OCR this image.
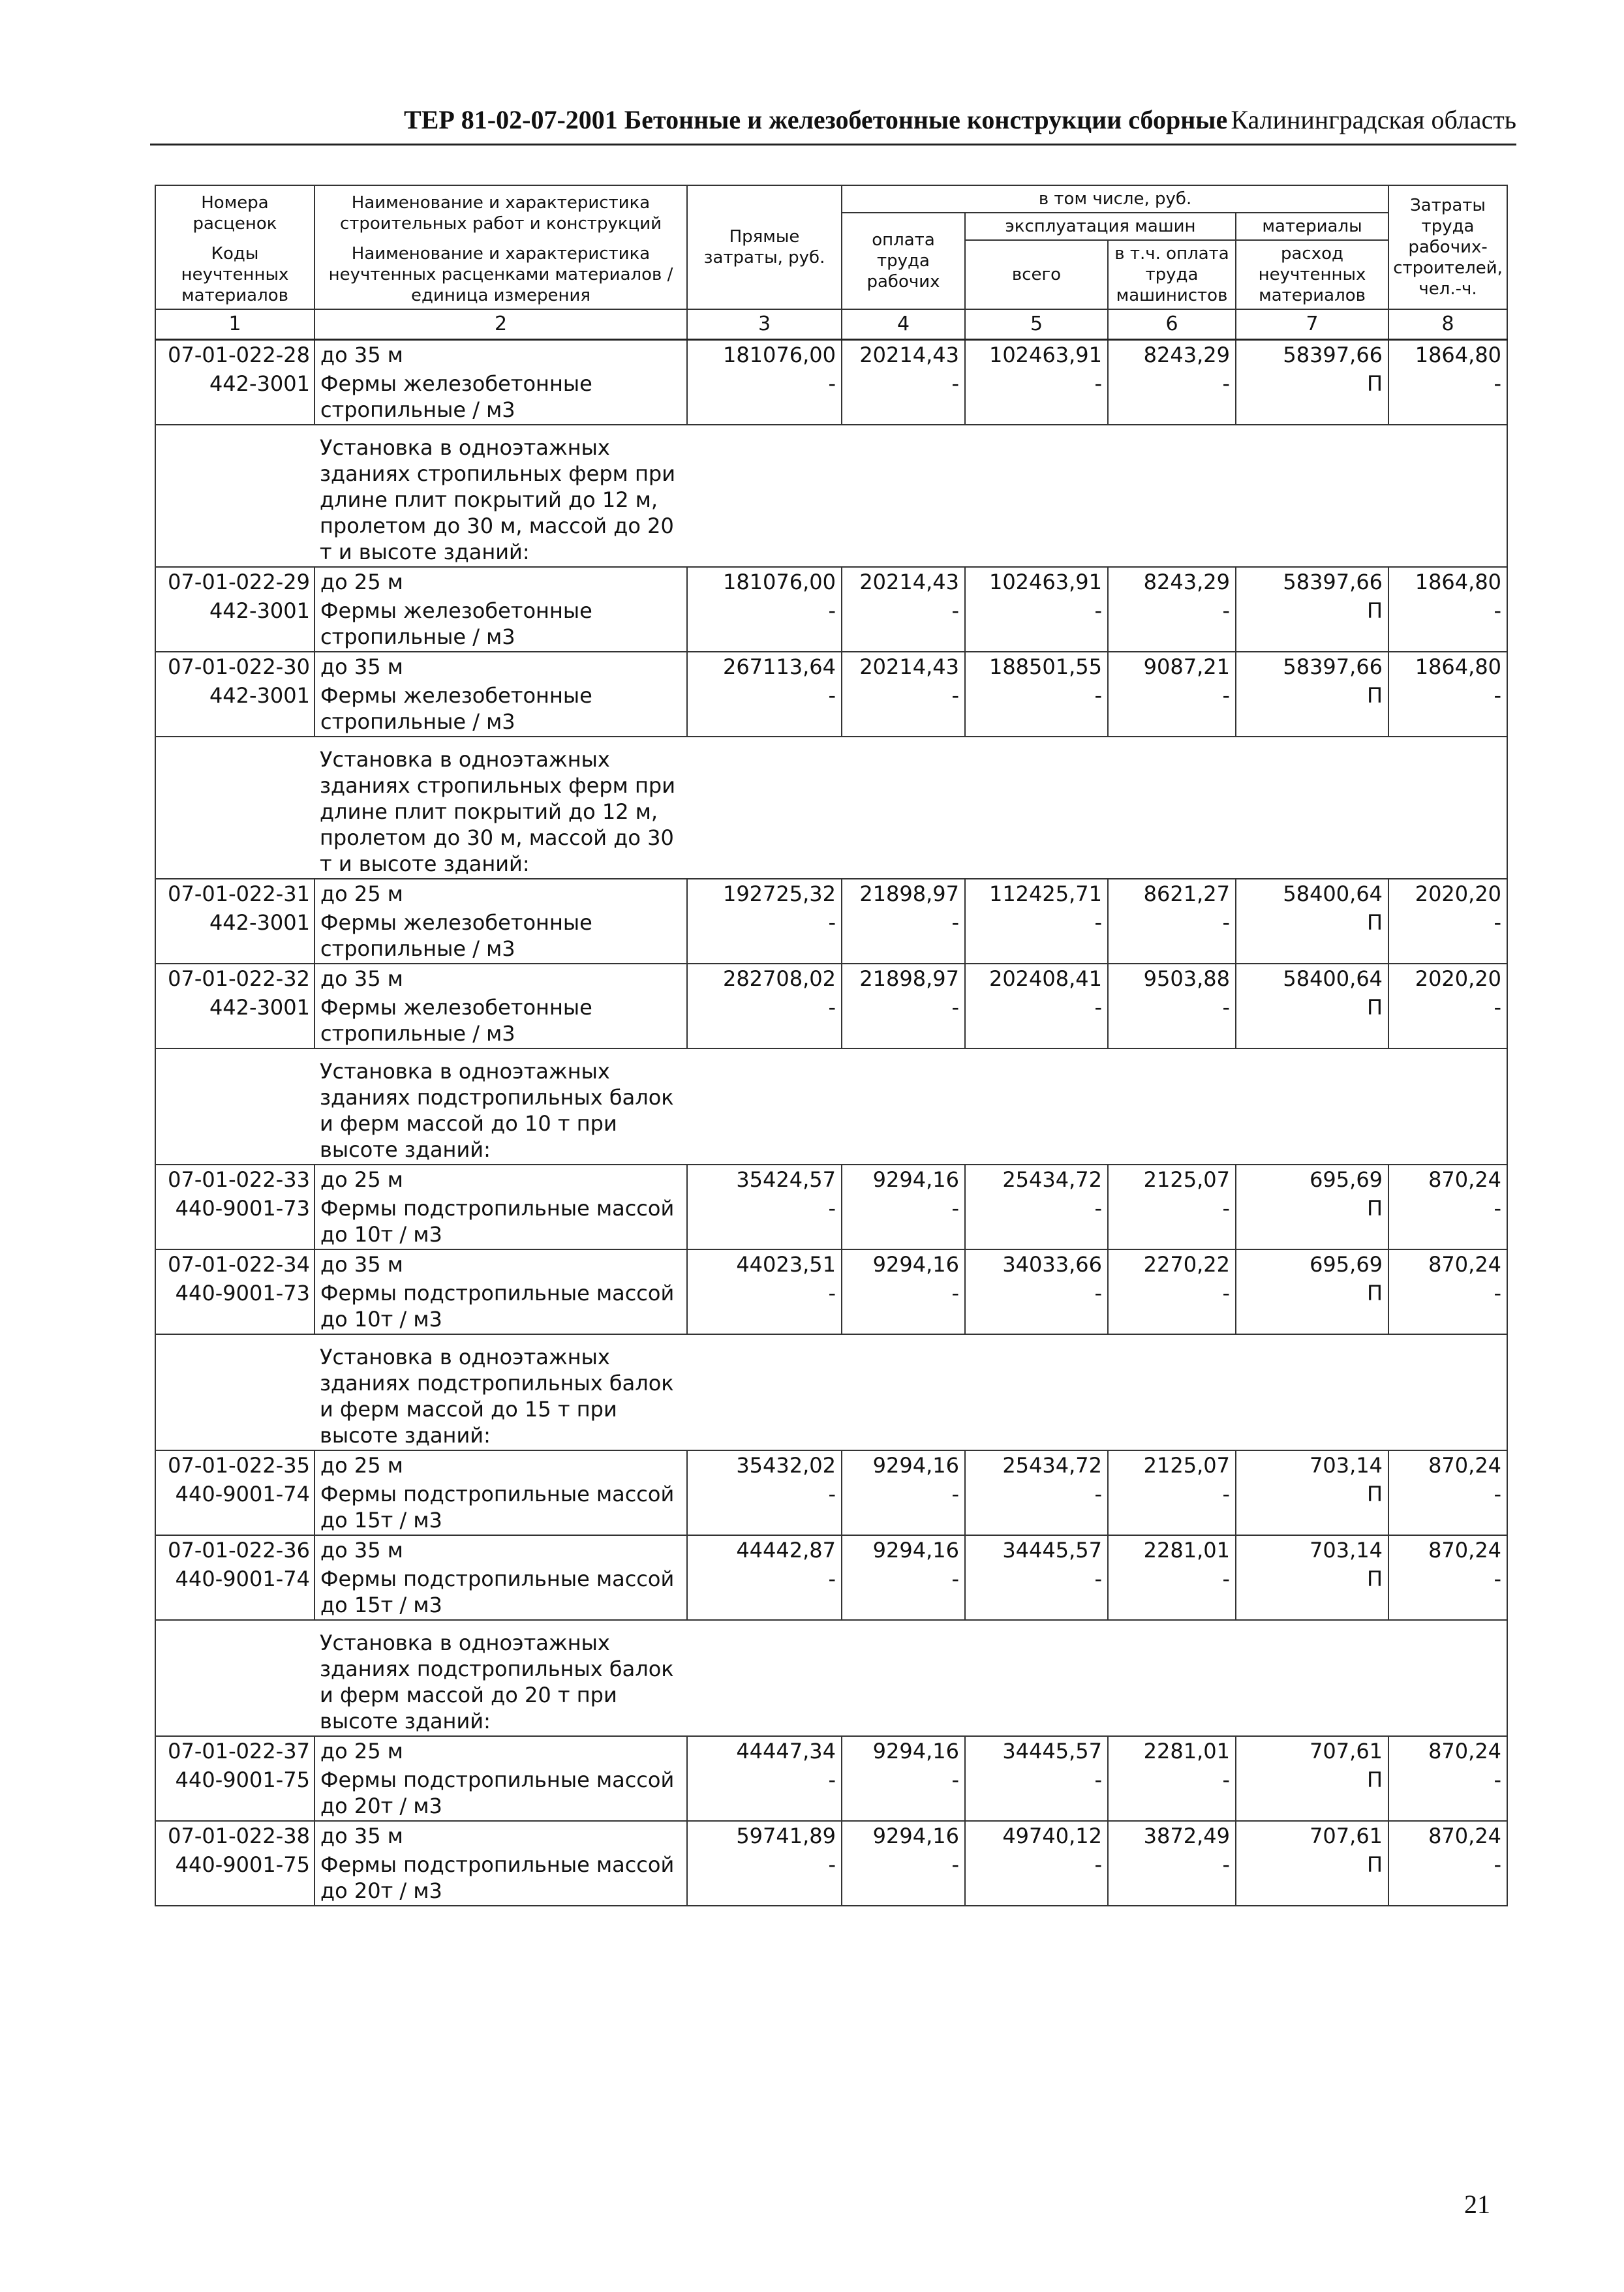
ТЕР 81-02-07-2001 Бетонные и железобетонные конструкции сборные Калининградская область
Номера расценок	Наименование и характеристика строительных работ и конструкций	Прямые затраты, руб.	в том числе, руб.				Затраты труда рабочих-строителей, чел.-ч.
			оплата труда рабочих	эксплуатация машин		материалы	
Коды неучтенных материалов	Наименование и характеристика неучтенных расценками материалов / единица измерения			всего	в т.ч. оплата труда машинистов	расход неучтенных материалов	

1	2	3	4	5	6	7	8
07-01-022-28	до 35 м	181076,00	20214,43	102463,91	8243,29	58397,66	1864,80
442-3001	Фермы железобетонные стропильные / м3	-	-	-	-	П	-
	Установка в одноэтажных зданиях стропильных ферм при длине плит покрытий до 12 м, пролетом до 30 м, массой до 20 т и высоте зданий:						
07-01-022-29	до 25 м	181076,00	20214,43	102463,91	8243,29	58397,66	1864,80
442-3001	Фермы железобетонные стропильные / м3	-	-	-	-	П	-
07-01-022-30	до 35 м	267113,64	20214,43	188501,55	9087,21	58397,66	1864,80
442-3001	Фермы железобетонные стропильные / м3	-	-	-	-	П	-
	Установка в одноэтажных зданиях стропильных ферм при длине плит покрытий до 12 м, пролетом до 30 м, массой до 30 т и высоте зданий:						
07-01-022-31	до 25 м	192725,32	21898,97	112425,71	8621,27	58400,64	2020,20
442-3001	Фермы железобетонные стропильные / м3	-	-	-	-	П	-
07-01-022-32	до 35 м	282708,02	21898,97	202408,41	9503,88	58400,64	2020,20
442-3001	Фермы железобетонные стропильные / м3	-	-	-	-	П	-
	Установка в одноэтажных зданиях подстропильных балок и ферм массой до 10 т при высоте зданий:						
07-01-022-33	до 25 м	35424,57	9294,16	25434,72	2125,07	695,69	870,24
440-9001-73	Фермы подстропильные массой до 10т / м3	-	-	-	-	П	-
07-01-022-34	до 35 м	44023,51	9294,16	34033,66	2270,22	695,69	870,24
440-9001-73	Фермы подстропильные массой до 10т / м3	-	-	-	-	П	-
	Установка в одноэтажных зданиях подстропильных балок и ферм массой до 15 т при высоте зданий:						
07-01-022-35	до 25 м	35432,02	9294,16	25434,72	2125,07	703,14	870,24
440-9001-74	Фермы подстропильные массой до 15т / м3	-	-	-	-	П	-
07-01-022-36	до 35 м	44442,87	9294,16	34445,57	2281,01	703,14	870,24
440-9001-74	Фермы подстропильные массой до 15т / м3	-	-	-	-	П	-
	Установка в одноэтажных зданиях подстропильных балок и ферм массой до 20 т при высоте зданий:						
07-01-022-37	до 25 м	44447,34	9294,16	34445,57	2281,01	707,61	870,24
440-9001-75	Фермы подстропильные массой до 20т / м3	-	-	-	-	П	-
07-01-022-38	до 35 м	59741,89	9294,16	49740,12	3872,49	707,61	870,24
440-9001-75	Фермы подстропильные массой до 20т / м3	-	-	-	-	П	-
21
